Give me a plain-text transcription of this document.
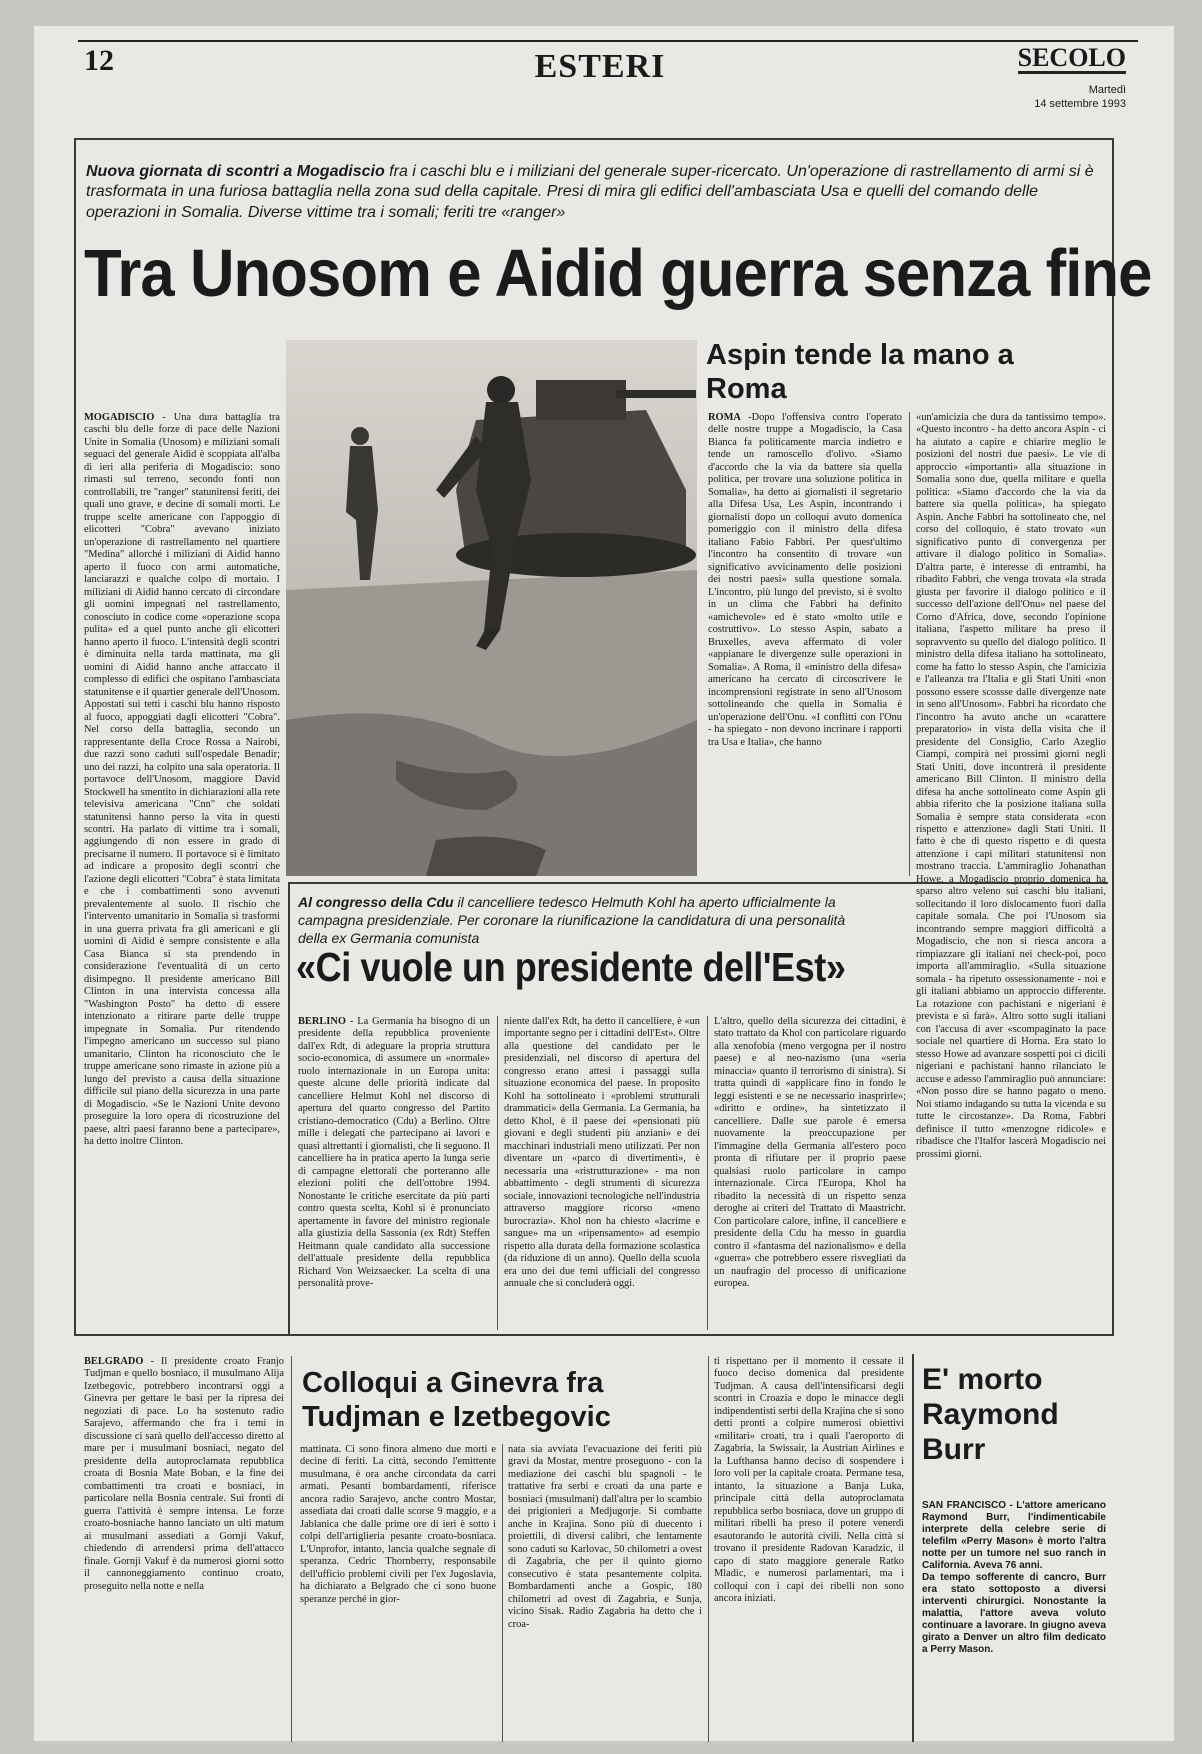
12	ESTERI	SECOLO
Martedì
14 settembre 1993
Nuova giornata di scontri a Mogadiscio fra i caschi blu e i miliziani del generale super-ricercato. Un'operazione di rastrellamento di armi si è trasformata in una furiosa battaglia nella zona sud della capitale. Presi di mira gli edifici dell'ambasciata Usa e quelli del comando delle operazioni in Somalia. Diverse vittime tra i somali; feriti tre «ranger»
Tra Unosom e Aidid guerra senza fine
MOGADISCIO - Una dura battaglia tra caschi blu delle forze di pace delle Nazioni Unite in Somalia (Unosom) e miliziani somali seguaci del generale Aidid è scoppiata all'alba di ieri alla periferia di Mogadiscio: sono rimasti sul terreno, secondo fonti non controllabili, tre "ranger" statunitensi feriti, dei quali uno grave, e decine di somali morti. Le truppe scelte americane con l'appoggio di elicotteri "Cobra" avevano iniziato un'operazione di rastrellamento nel quartiere "Medina" allorché i miliziani di Aidid hanno aperto il fuoco con armi automatiche, lanciarazzi e qualche colpo di mortaio. I miliziani di Aidid hanno cercato di circondare gli uomini impegnati nel rastrellamento, conosciuto in codice come «operazione scopa pulita» ed a quel punto anche gli elicotteri hanno aperto il fuoco. L'intensità degli scontri è diminuita nella tarda mattinata, ma gli uomini di Aidid hanno anche attaccato il complesso di edifici che ospitano l'ambasciata statunitense e il quartier generale dell'Unosom. Appostati sui tetti i caschi blu hanno risposto al fuoco, appoggiati dagli elicotteri "Cobra". Nel corso della battaglia, secondo un rappresentante della Croce Rossa a Nairobi, due razzi sono caduti sull'ospedale Benadir; uno dei razzi, ha colpito una sala operatoria. Il portavoce dell'Unosom, maggiore David Stockwell ha smentito in dichiarazioni alla rete televisiva americana "Cnn" che soldati statunitensi hanno perso la vita in questi scontri. Ha parlato di vittime tra i somali, aggiungendo di non essere in grado di precisarne il numero. Il portavoce si è limitato ad indicare a proposito degli scontri che l'azione degli elicotteri "Cobra" è stata limitata e che i combattimenti sono avvenuti prevalentemente al suolo. Il rischio che l'intervento umanitario in Somalia si trasformi in una guerra privata fra gli americani e gli uomini di Aidid è sempre consistente e alla Casa Bianca si sta prendendo in considerazione l'eventualità di un certo disimpegno. Il presidente americano Bill Clinton in una intervista concessa alla "Washington Posto" ha detto di essere intenzionato a ritirare parte delle truppe impegnate in Somalia. Pur ritendendo l'impegno americano un successo sul piano umanitario, Clinton ha riconosciuto che le truppe americane sono rimaste in azione più a lungo del previsto a causa della situazione difficile sul piano della sicurezza in una parte di Mogadiscio. «Se le Nazioni Unite devono proseguire la loro opera di ricostruzione del paese, altri paesi faranno bene a partecipare», ha detto inoltre Clinton.
Aspin tende la mano a Roma
ROMA -Dopo l'offensiva contro l'operato delle nostre truppe a Mogadiscio, la Casa Bianca fa politicamente marcia indietro e tende un ramoscello d'olivo. «Siamo d'accordo che la via da battere sia quella politica, per trovare una soluzione politica in Somalia», ha detto ai giornalisti il segretario alla Difesa Usa, Les Aspin, incontrando i giornalisti dopo un colloqui avuto domenica pomeriggio con il ministro della difesa italiano Fabio Fabbri. Per quest'ultimo l'incontro ha consentito di trovare «un significativo avvicinamento delle posizioni dei nostri paesi» sulla questione somala. L'incontro, più lungo del previsto, si è svolto in un clima che Fabbri ha definito «amichevole» ed è stato «molto utile e costruttivo». Lo stesso Aspin, sabato a Bruxelles, aveva affermato di voler «appianare le divergenze sulle operazioni in Somalia». A Roma, il «ministro della difesa» americano ha cercato di circoscrivere le incomprensioni registrate in seno all'Unosom sottolineando che quella in Somalia è un'operazione dell'Onu. «I conflitti con l'Onu - ha spiegato - non devono incrinare i rapporti tra Usa e Italia», che hanno
«un'amicizia che dura da tantissimo tempo». «Questo incontro - ha detto ancora Aspin - ci ha aiutato a capire e chiarire meglio le posizioni del nostri due paesi». Le vie di approccio «importanti» alla situazione in Somalia sono due, quella militare e quella politica: «Siamo d'accordo che la via da battere sia quella politica», ha spiegato Aspin. Anche Fabbri ha sottolineato che, nel corso del colloquio, è stato trovato «un significativo punto di convergenza per attivare il dialogo politico in Somalia». D'altra parte, è interesse di entrambi, ha ribadito Fabbri, che venga trovata «la strada giusta per favorire il dialogo politico e il successo dell'azione dell'Onu» nel paese del Corno d'Africa, dove, secondo l'opinione italiana, l'aspetto militare ha preso il sopravvento su quello del dialogo politico. Il ministro della difesa italiano ha sottolineato, come ha fatto lo stesso Aspin, che l'amicizia e l'alleanza tra l'Italia e gli Stati Uniti «non possono essere scossse dalle divergenze nate in seno all'Unosom». Fabbri ha ricordato che l'incontro ha avuto anche un «carattere preparatorio» in vista della visita che il presidente del Consiglio, Carlo Azeglio Ciampi, compirà nei prossimi giorni negli Stati Uniti, dove incontrerà il presidente americano Bill Clinton. Il ministro della difesa ha anche sottolineato come Aspin gli abbia riferito che la posizione italiana sulla Somalia è sempre stata considerata «con rispetto e attenzione» dagli Stati Uniti. Il fatto è che di questo rispetto e di questa attenzione i capi militari statunitensi non mostrano traccia. L'ammiraglio Johanathan Howe, a Mogadiscio proprio domenica ha sparso altro veleno sui caschi blu italiani, sollecitando il loro dislocamento fuori dalla capitale somala. Che poi l'Unosom sia incontrando sempre maggiori difficoltà a Mogadiscio, che non si riesca ancora a rimpiazzare gli italiani nei check-poi, poco importa all'ammiraglio. «Sulla situazione somala - ha ripetuto ossessionamente - noi e gli italiani abbiamo un approccio differente. La rotazione con pachistani e nigeriani è prevista e si farà». Altro sotto sugli italiani con l'accusa di aver «scompaginato la pace sociale nel quartiere di Horna. Era stato lo stesso Howe ad avanzare sospetti poi ci dicili nigeriani e pachistani hanno rilanciato le accuse e adesso l'ammiraglio può annunciare: «Non posso dire se hanno pagato o meno. Noi stiamo indagando su tutta la vicenda e su tutte le circostanze». Da Roma, Fabbri definisce il tutto «menzogne ridicole» e ribadisce che l'Italfor lascerà Mogadiscio nei prossimi giorni.
Al congresso della Cdu il cancelliere tedesco Helmuth Kohl ha aperto ufficialmente la campagna presidenziale. Per coronare la riunificazione la candidatura di una personalità della ex Germania comunista
«Ci vuole un presidente dell'Est»
BERLINO - La Germania ha bisogno di un presidente della repubblica proveniente dall'ex Rdt, di adeguare la propria struttura socio-economica, di assumere un «normale» ruolo internazionale in un Europa unita: queste alcune delle priorità indicate dal cancelliere Helmut Kohl nel discorso di apertura del quarto congresso del Partito cristiano-democratico (Cdu) a Berlino. Oltre mille i delegati che partecipano ai lavori e quasi altrettanti i giornalisti, che li seguono. Il cancelliere ha in pratica aperto la lunga serie di campagne elettorali che porteranno alle elezioni politi che dell'ottobre 1994. Nonostante le critiche esercitate da più parti contro questa scelta, Kohl si è pronunciato apertamente in favore del ministro regionale alla giustizia della Sassonia (ex Rdt) Steffen Heitmann quale candidato alla successione dell'attuale presidente della repubblica Richard Von Weizsaecker. La scelta di una personalità prove-
niente dall'ex Rdt, ha detto il cancelliere, è «un importante segno per i cittadini dell'Est». Oltre alla questione del candidato per le presidenziali, nel discorso di apertura del congresso erano attesi i passaggi sulla situazione economica del paese. In proposito Kohl ha sottolineato i «problemi strutturali drammatici» della Germania. La Germania, ha detto Khol, è il paese dei «pensionati più giovani e degli studenti più anziani» e dei macchinari industriali meno utilizzati. Per non diventare un «parco di divertimenti», è necessaria una «ristrutturazione» - ma non abbattimento - degli strumenti di sicurezza sociale, innovazioni tecnologiche nell'industria attraverso maggiore ricorso «meno burocrazia». Khol non ha chiesto «lacrime e sangue» ma un «ripensamento» ad esempio rispetto alla durata della formazione scolastica (da riduzione di un anno). Quello della scuola era uno dei due temi ufficiali del congresso annuale che si concluderà oggi.
L'altro, quello della sicurezza dei cittadini, è stato trattato da Khol con particolare riguardo alla xenofobia (meno vergogna per il nostro paese) e al neo-nazismo (una «seria minaccia» quanto il terrorismo di sinistra). Si tratta quindi di «applicare fino in fondo le leggi esistenti e se ne necessario inasprirle»; «diritto e ordine», ha sintetizzato il cancelliere. Dalle sue parole è emersa nuovamente la preoccupazione per l'immagine della Germania all'estero poco pronta di rifiutare per il proprio paese qualsiasi ruolo particolare in campo internazionale. Circa l'Europa, Khol ha ribadito la necessità di un rispetto senza deroghe ai criteri del Trattato di Maastricht. Con particolare calore, infine, il cancelliere e presidente della Cdu ha messo in guardia contro il «fantasma del nazionalismo» e della «guerra» che potrebbero essere risvegliati da un naufragio del processo di unificazione europea.
BELGRADO - Il presidente croato Franjo Tudjman e quello bosniaco, il musulmano Alija Izetbegovic, potrebbero incontrarsi oggi a Ginevra per gettare le basi per la ripresa dei negoziati di pace. Lo ha sostenuto radio Sarajevo, affermando che fra i temi in discussione ci sarà quello dell'accesso diretto al mare per i musulmani bosniaci, negato del presidente della autoproclamata repubblica croata di Bosnia Mate Boban, e la fine dei combattimenti tra croati e bosniaci, in particolare nella Bosnia centrale. Sui fronti di guerra l'attività è sempre intensa. Le forze croato-bosniache hanno lanciato un ulti matum ai musulmani assediati a Gornji Vakuf, chiedendo di arrendersi prima dell'attacco finale. Gornji Vakuf è da numerosi giorni sotto il cannoneggiamento continuo croato, proseguito nella notte e nella
Colloqui a Ginevra fra Tudjman e Izetbegovic
mattinata. Ci sono finora almeno due morti e decine di feriti. La città, secondo l'emittente musulmana, è ora anche circondata da carri armati. Pesanti bombardamenti, riferisce ancora radio Sarajevo, anche contro Mostar, assediata dai croati dalle scorse 9 maggio, e a Jablanica che dalle prime ore di ieri è sotto i colpi dell'artiglieria pesante croato-bosniaca. L'Unprofor, intanto, lancia qualche segnale di speranza. Cedric Thornberry, responsabile dell'ufficio problemi civili per l'ex Jugoslavia, ha dichiarato a Belgrado che ci sono buone speranze perché in gior-
nata sia avviata l'evacuazione dei feriti più gravi da Mostar, mentre proseguono - con la mediazione dei caschi blu spagnoli - le trattative fra serbi e croati da una parte e bosniaci (musulmani) dall'altra per lo scambio dei prigionieri a Medjugorje. Si combatte anche in Krajina. Sono più di duecento i proiettili, di diversi calibri, che lentamente sono caduti su Karlovac, 50 chilometri a ovest di Zagabria, che per il quinto giorno consecutivo è stata pesantemente colpita. Bombardamenti anche a Gospic, 180 chilometri ad ovest di Zagabria, e Sunja, vicino Sisak. Radio Zagabria ha detto che i croa-
ti rispettano per il momento il cessate il fuoco deciso domenica dal presidente Tudjman. A causa dell'intensificarsi degli scontri in Croazia e dopo le minacce degli indipendentisti serbi della Krajina che si sono detti pronti a colpire numerosi obiettivi «militari» croati, tra i quali l'aeroporto di Zagabria, la Swissair, la Austrian Airlines e la Lufthansa hanno deciso di sospendere i loro voli per la capitale croata. Permane tesa, intanto, la situazione a Banja Luka, principale città della autoproclamata repubblica serbo bosniaca, dove un gruppo di militari ribelli ha preso il potere venerdì esautorando le autorità civili. Nella città si trovano il presidente Radovan Karadzic, il capo di stato maggiore generale Ratko Mladic, e numerosi parlamentari, ma i colloqui con i capi dei ribelli non sono ancora iniziati.
E' morto Raymond Burr
SAN FRANCISCO - L'attore americano Raymond Burr, l'indimenticabile interprete della celebre serie di telefilm «Perry Mason» è morto l'altra notte per un tumore nel suo ranch in California. Aveva 76 anni.
Da tempo sofferente di cancro, Burr era stato sottoposto a diversi interventi chirurgici. Nonostante la malattia, l'attore aveva voluto continuare a lavorare. In giugno aveva girato a Denver un altro film dedicato a Perry Mason.
